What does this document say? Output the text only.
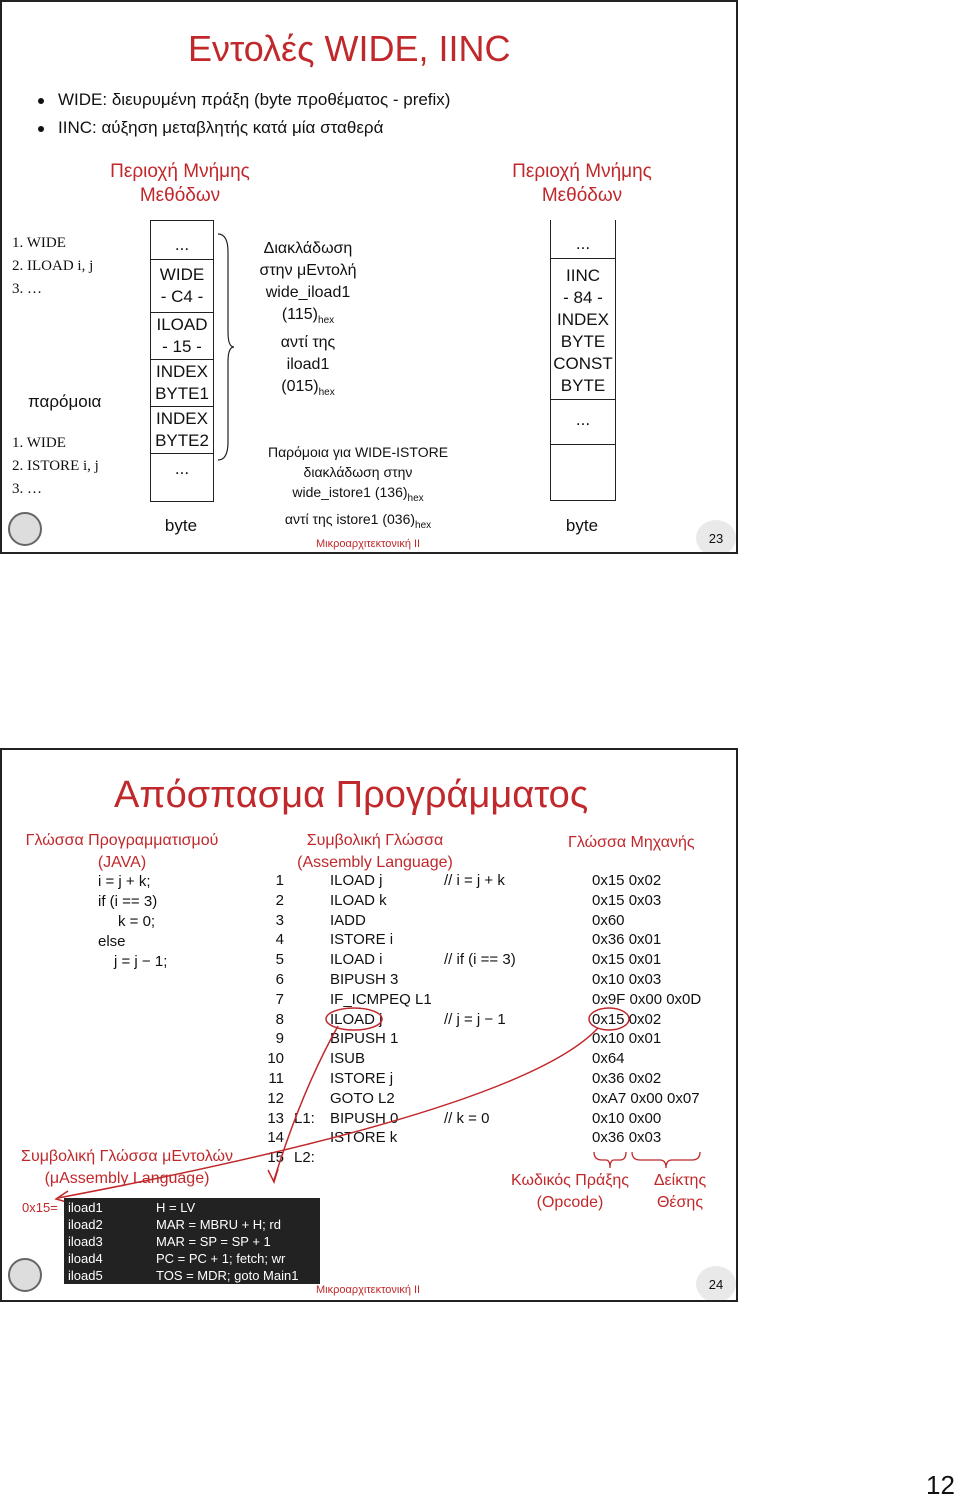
Εντολές WIDE, IINC
WIDE: διευρυμένη πράξη (byte προθέματος - prefix)
IINC: αύξηση μεταβλητής κατά μία σταθερά
Περιοχή Μνήμης
Μεθόδων
Περιοχή Μνήμης
Μεθόδων
1. WIDE
2. ILOAD i, j
3. …
παρόμοια
1. WIDE
2. ISTORE i, j
3. …
...
WIDE
- C4 -
ILOAD
- 15 -
INDEX
BYTE1
INDEX
BYTE2
...
byte
Διακλάδωση
στην μΕντολή
wide_iload1
$(115)_{hex}$
αντί της
iload1
$(015)_{hex}$
Παρόμοια για WIDE-ISTORE
διακλάδωση στην
wide_istore1 $(136)_{hex}$
αντί της istore1 $(036)_{hex}$
...
IINC
- 84 -
INDEX
BYTE
CONST
BYTE
...
byte
Μικροαρχιτεκτονική ΙΙ	23
Απόσπασμα Προγράμματος
Γλώσσα Προγραμματισμού
(JAVA)
Συμβολική Γλώσσα
(Assembly Language)
Γλώσσα Μηχανής
i = j + k;
if (i == 3)
k = 0;
else
j = j − 1;
1	ILOAD j	// i = j + k	0x15 0x02
2	ILOAD k	0x15 0x03
3	IADD	0x60
4	ISTORE i	0x36 0x01
5	ILOAD i	// if (i == 3)	0x15 0x01
6	BIPUSH 3	0x10 0x03
7	IF_ICMPEQ L1	0x9F 0x00 0x0D
8	ILOAD j	// j = j − 1	0x15 0x02
9	BIPUSH 1	0x10 0x01
10	ISUB	0x64
11	ISTORE j	0x36 0x02
12	GOTO L2	0xA7 0x00 0x07
13 L1:	BIPUSH 0	// k = 0	0x10 0x00
14	ISTORE k	0x36 0x03
15 L2:
Συμβολική Γλώσσα μΕντολών
(μAssembly Language)
0x15= iload1	H = LV
iload2	MAR = MBRU + H; rd
iload3	MAR = SP = SP + 1
iload4	PC = PC + 1; fetch; wr
iload5	TOS = MDR; goto Main1
Κωδικός Πράξης
(Opcode)
Δείκτης
Θέσης
Μικροαρχιτεκτονική ΙΙ	24
12
